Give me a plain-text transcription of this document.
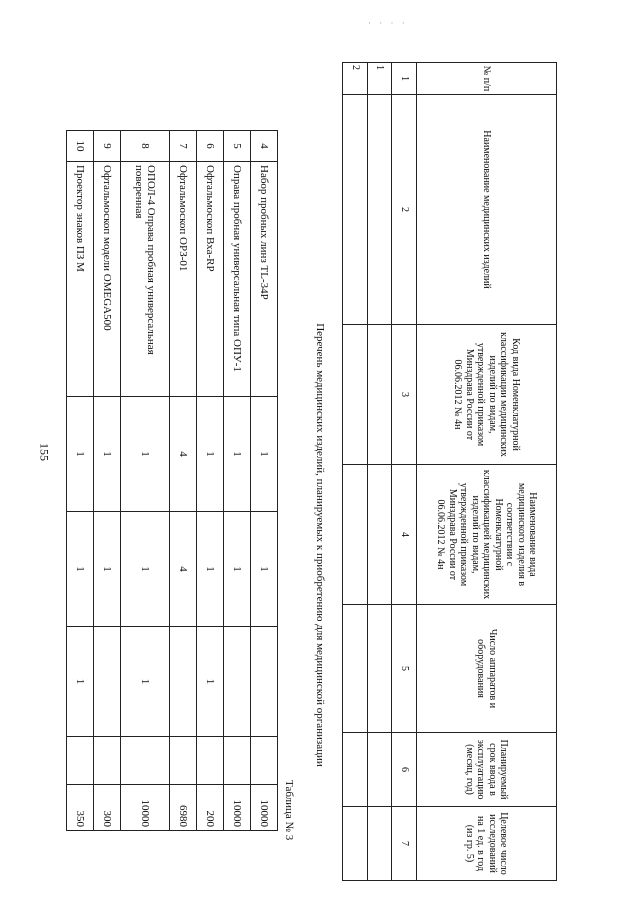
· · · ·
155
4	Набор пробных линз TL-34P	1	1			10000
5	Оправа пробная универсальная типа ОПУ-1	1	1			10000
6	Офтальмоскоп Вха-RP	1	1	1		200
7	Офтальмоскоп ОРЗ-01	4	4			6980
8	ОПОЛ-4 Оправа пробная универсальная поверенная	1	1	1		10000
9	Офтальмоскоп модели OMEGA500	1	1			300
10	Проектор знаков ПЗ М	1	1	1		350	Таблица № 3
Перечень медицинских изделий, планируемых к приобретению для медицинской организации
№ п/п	Наименование медицинских изделий	Код вида Номенклатурной классификации медицинских изделий по видам, утвержденной приказом Минздрава России от 06.06.2012 № 4н	Наименование вида медицинского изделия в соответствии с Номенклатурной классификацией медицинских изделий по видам, утвержденной приказом Минздрава России от 06.06.2012 № 4н	Число аппаратов и оборудования	Планируемый срок ввода в эксплуатацию (месяц, год)	Целевое число исследований на 1 ед. в год (из гр. 5)
1	2	3	4	5	6	7
1						
2						
